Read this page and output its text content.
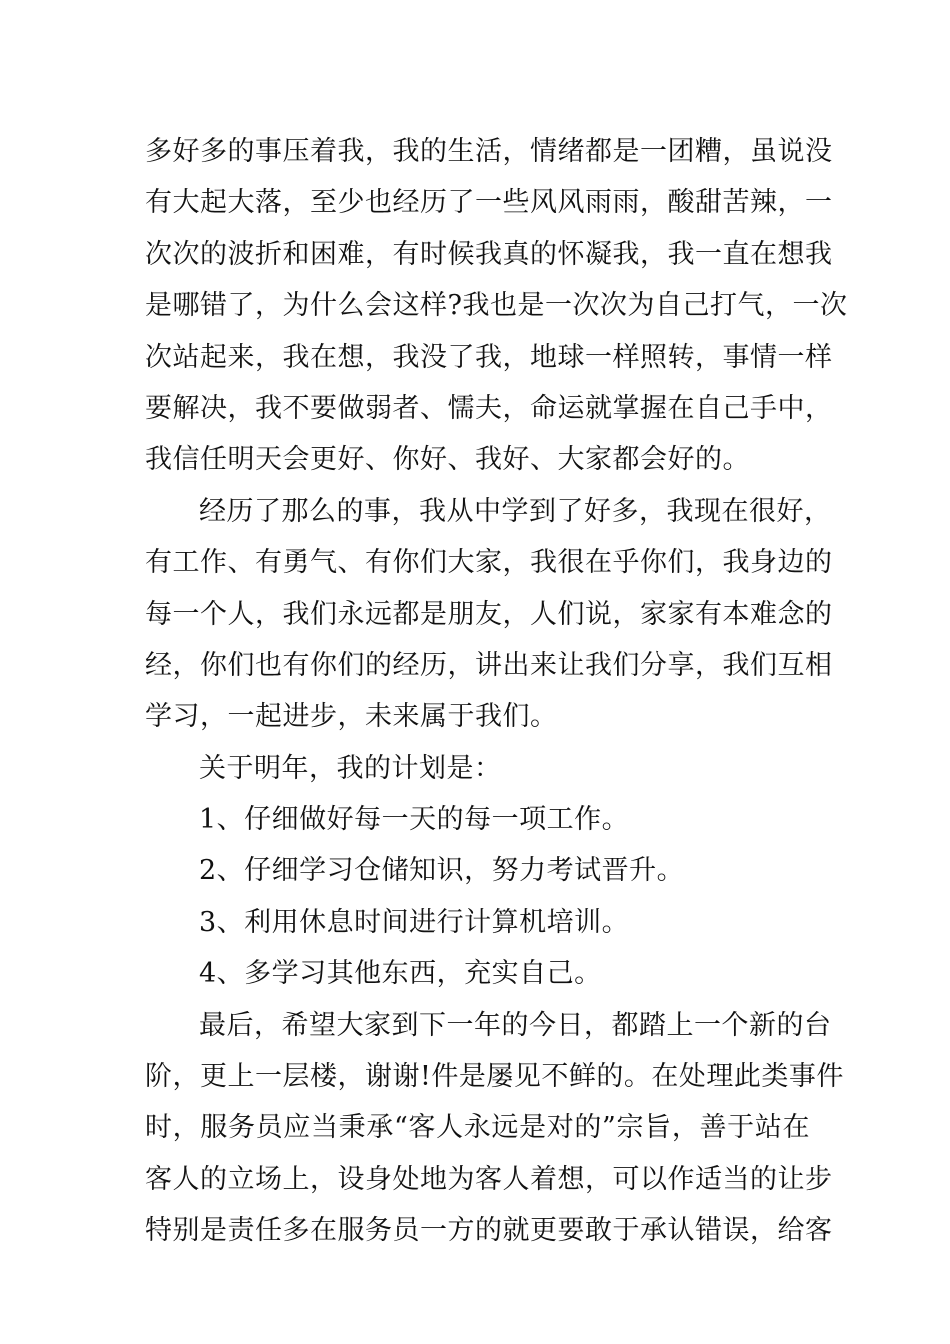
多好多的事压着我，我的生活，情绪都是一团糟，虽说没
有大起大落，至少也经历了一些风风雨雨，酸甜苦辣，一
次次的波折和困难，有时候我真的怀凝我，我一直在想我
是哪错了，为什么会这样?我也是一次次为自己打气，一次
次站起来，我在想，我没了我，地球一样照转，事情一样
要解决，我不要做弱者、懦夫，命运就掌握在自己手中，
我信任明天会更好、你好、我好、大家都会好的。
经历了那么的事，我从中学到了好多，我现在很好，
有工作、有勇气、有你们大家，我很在乎你们，我身边的
每一个人，我们永远都是朋友，人们说，家家有本难念的
经，你们也有你们的经历，讲出来让我们分享，我们互相
学习，一起进步，未来属于我们。
关于明年，我的计划是：
1、仔细做好每一天的每一项工作。
2、仔细学习仓储知识，努力考试晋升。
3、利用休息时间进行计算机培训。
4、多学习其他东西，充实自己。
最后，希望大家到下一年的今日，都踏上一个新的台
阶，更上一层楼，谢谢!件是屡见不鲜的。在处理此类事件
时，服务员应当秉承“客人永远是对的”宗旨，善于站在
客人的立场上，设身处地为客人着想，可以作适当的让步
特别是责任多在服务员一方的就更要敢于承认错误，给客
